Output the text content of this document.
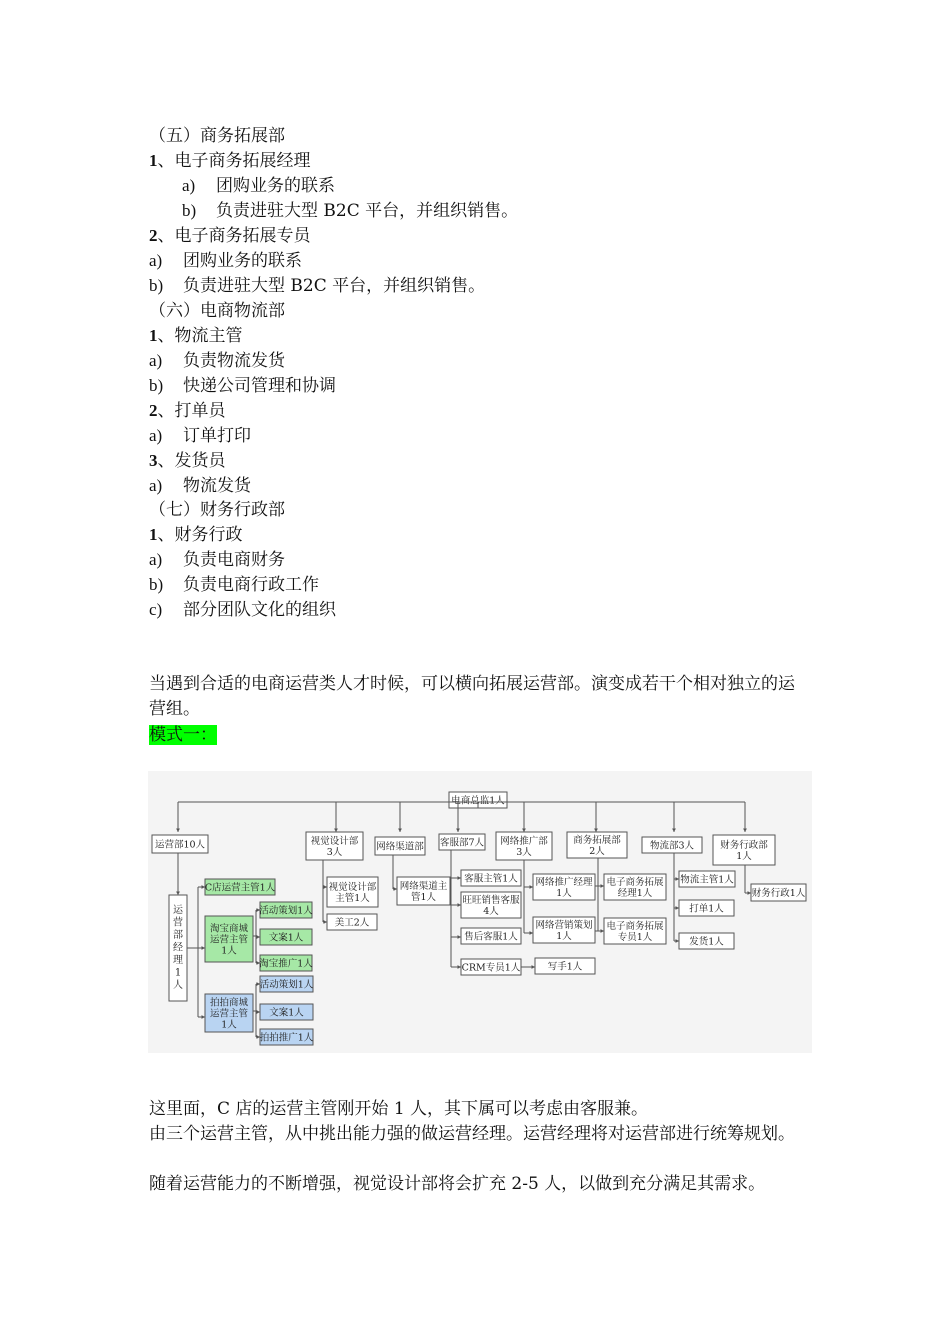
（五）商务拓展部
1、电子商务拓展经理
a) 团购业务的联系
b) 负责进驻大型 B2C 平台，并组织销售。
2、电子商务拓展专员
a) 团购业务的联系
b) 负责进驻大型 B2C 平台，并组织销售。
（六）电商物流部
1、物流主管
a) 负责物流发货
b) 快递公司管理和协调
2、打单员
a) 订单打印
3、发货员
a) 物流发货
（七）财务行政部
1、财务行政
a) 负责电商财务
b) 负责电商行政工作
c) 部分团队文化的组织
当遇到合适的电商运营类人才时候，可以横向拓展运营部。演变成若干个相对独立的运营组。
模式一：
电商总监1人
运营部10人	视觉设计部
3人	网络渠道部 客服部7人 网络推广部
3人
商务拓展部
2人	物流部3人	财务行政部
1人
运
营
部
经
理
1
人
C店运营主管1人
淘宝商城
运营主管
1人
拍拍商城
运营主管
1人
活动策划1人
文案1人
淘宝推广1人
活动策划1人
文案1人
拍拍推广1人
视觉设计部
主管1人
美工2人
网络渠道主
管1人
客服主管1人
旺旺销售客服
4人
售后客服1人
CRM专员1人	写手1人
网络推广经理
1人
网络营销策划
1人
电子商务拓展
经理1人
电子商务拓展
专员1人
物流主管1人
打单1人
发货1人
财务行政1人
这里面，C 店的运营主管刚开始 1 人，其下属可以考虑由客服兼。
由三个运营主管，从中挑出能力强的做运营经理。运营经理将对运营部进行统筹规划。
随着运营能力的不断增强，视觉设计部将会扩充 2-5 人，以做到充分满足其需求。
